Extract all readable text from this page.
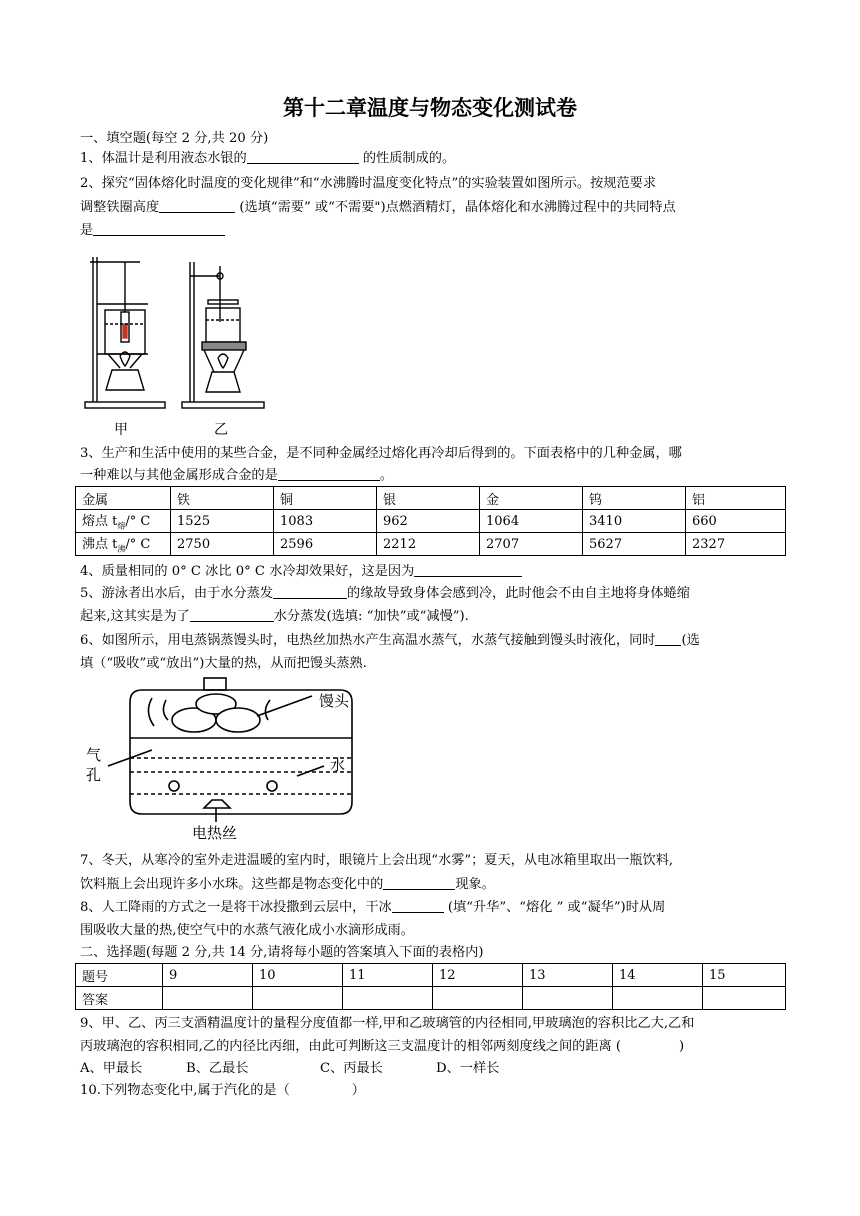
第十二章温度与物态变化测试卷
一、填空题(每空 2 分,共 20 分)
1、体温计是利用液态水银的	的性质制成的。
2、探究“固体熔化时温度的变化规律”和“水沸腾时温度变化特点”的实验装置如图所示。按规范要求
调整铁圈高度	(选填“需要” 或“不需要")点燃酒精灯，晶体熔化和水沸腾过程中的共同特点
是
甲	乙
3、生产和生活中使用的某些合金，是不同种金属经过熔化再冷却后得到的。下面表格中的几种金属，哪
一种难以与其他金属形成合金的是	。
金属	铁	铜	银	金	钨	铝
熔点 $t_熔/^\circ$ C	1525	1083	962	1064	3410	660
沸点 $t_沸/^\circ$ C	2750	2596	2212	2707	5627	2327
4、质量相同的 0° C 冰比 0° C 水冷却效果好，这是因为
5、游泳者出水后，由于水分蒸发	的缘故导致身体会感到冷，此时他会不由自主地将身体蜷缩
起来,这其实是为了	水分蒸发(选填: “加快”或“减慢”).
6、如图所示，用电蒸锅蒸馒头时，电热丝加热水产生高温水蒸气，水蒸气接触到馒头时液化，同时 (选
填（“吸收”或“放出”)大量的热，从而把馒头蒸熟.
馒头
气
孔
水
电热丝
7、冬天，从寒冷的室外走进温暖的室内时，眼镜片上会出现“水雾”；夏天，从电冰箱里取出一瓶饮料,
饮料瓶上会出现许多小水珠。这些都是物态变化中的	现象。
8、人工降雨的方式之一是将干冰投撒到云层中，干冰	(填“升华”、“熔化 ” 或“凝华”)时从周
围吸收大量的热,使空气中的水蒸气液化成小水滴形成雨。
二、选择题(每题 2 分,共 14 分,请将每小题的答案填入下面的表格内)
题号	9	10	11	12	13	14	15
答案							
9、甲、乙、丙三支酒精温度计的量程分度值都一样,甲和乙玻璃管的内径相同,甲玻璃泡的容积比乙大,乙和
丙玻璃泡的容积相同,乙的内径比丙细，由此可判断这三支温度计的相邻两刻度线之间的距离 (	)
A、甲最长	B、乙最长	C、丙最长	D、一样长
10.下列物态变化中,属于汽化的是（	）
